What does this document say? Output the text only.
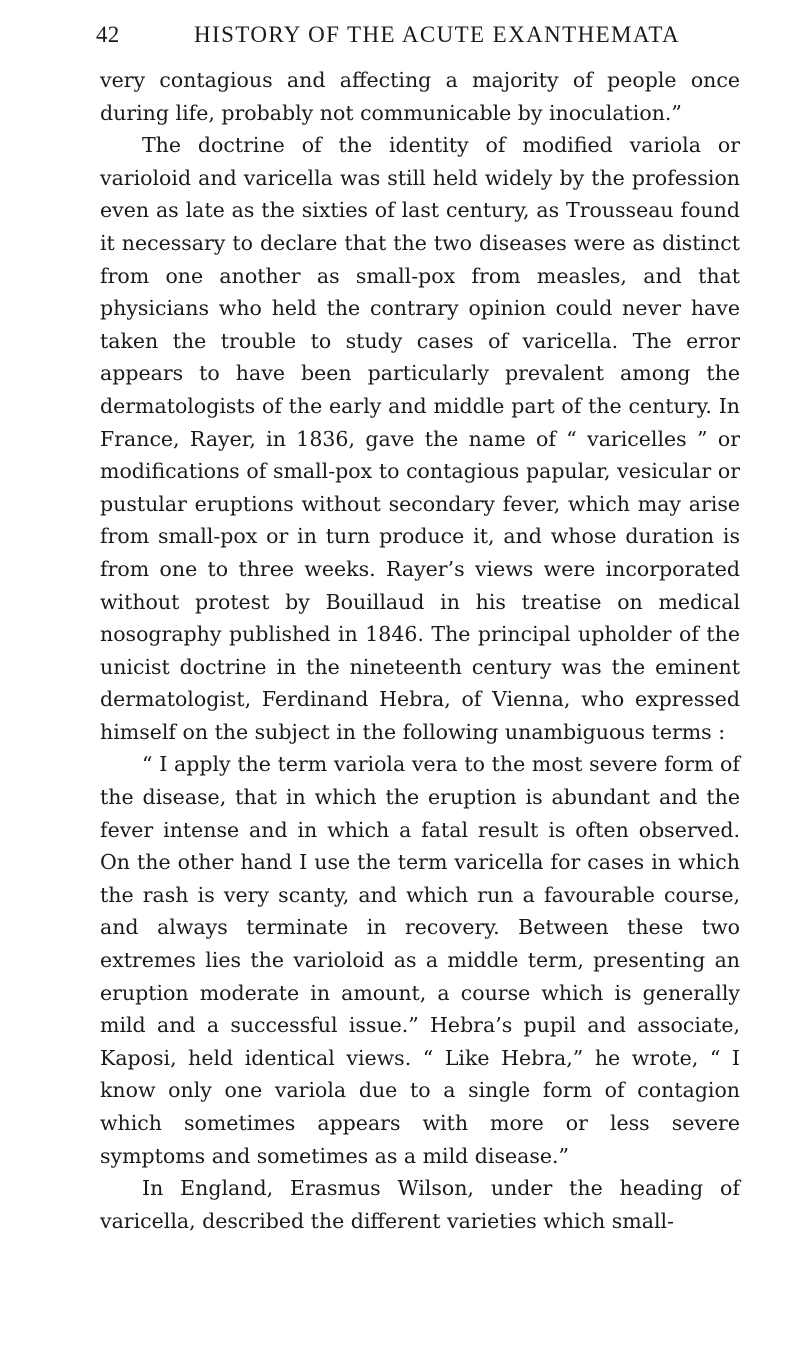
42	HISTORY OF THE ACUTE EXANTHEMATA

very contagious and affecting a majority of people once during life, probably not communicable by inoculation.”

The doctrine of the identity of modified variola or varioloid and varicella was still held widely by the profession even as late as the sixties of last century, as Trousseau found it necessary to declare that the two diseases were as distinct from one another as small-pox from measles, and that physicians who held the contrary opinion could never have taken the trouble to study cases of varicella. The error appears to have been particularly prevalent among the dermatologists of the early and middle part of the century. In France, Rayer, in 1836, gave the name of “ varicelles ” or modifications of small-pox to contagious papular, vesicular or pustular eruptions without secondary fever, which may arise from small-pox or in turn produce it, and whose duration is from one to three weeks. Rayer’s views were incorporated without protest by Bouillaud in his treatise on medical nosography published in 1846. The principal upholder of the unicist doctrine in the nineteenth century was the eminent dermatologist, Ferdinand Hebra, of Vienna, who expressed himself on the subject in the following unambiguous terms :

“ I apply the term variola vera to the most severe form of the disease, that in which the eruption is abundant and the fever intense and in which a fatal result is often observed. On the other hand I use the term varicella for cases in which the rash is very scanty, and which run a favourable course, and always terminate in recovery. Between these two extremes lies the varioloid as a middle term, presenting an eruption moderate in amount, a course which is generally mild and a successful issue.” Hebra’s pupil and associate, Kaposi, held identical views. “ Like Hebra,” he wrote, “ I know only one variola due to a single form of contagion which sometimes appears with more or less severe symptoms and sometimes as a mild disease.”

In England, Erasmus Wilson, under the heading of varicella, described the different varieties which small-
